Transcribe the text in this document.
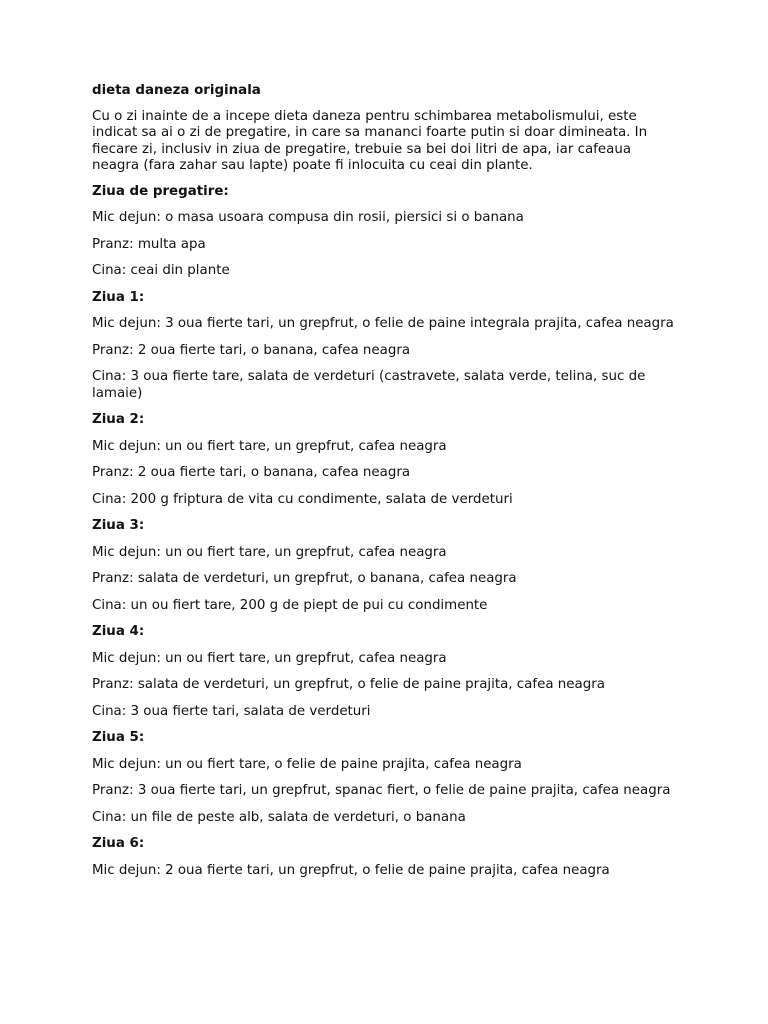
dieta daneza originala
Cu o zi inainte de a incepe dieta daneza pentru schimbarea metabolismului, este indicat sa ai o zi de pregatire, in care sa mananci foarte putin si doar dimineata. In fiecare zi, inclusiv in ziua de pregatire, trebuie sa bei doi litri de apa, iar cafeaua neagra (fara zahar sau lapte) poate fi inlocuita cu ceai din plante.
Ziua de pregatire:
Mic dejun: o masa usoara compusa din rosii, piersici si o banana
Pranz: multa apa
Cina: ceai din plante
Ziua 1:
Mic dejun: 3 oua fierte tari, un grepfrut, o felie de paine integrala prajita, cafea neagra
Pranz: 2 oua fierte tari, o banana, cafea neagra
Cina: 3 oua fierte tare, salata de verdeturi (castravete, salata verde, telina, suc de lamaie)
Ziua 2:
Mic dejun: un ou fiert tare, un grepfrut, cafea neagra
Pranz: 2 oua fierte tari, o banana, cafea neagra
Cina: 200 g friptura de vita cu condimente, salata de verdeturi
Ziua 3:
Mic dejun: un ou fiert tare, un grepfrut, cafea neagra
Pranz: salata de verdeturi, un grepfrut, o banana, cafea neagra
Cina: un ou fiert tare, 200 g de piept de pui cu condimente
Ziua 4:
Mic dejun: un ou fiert tare, un grepfrut, cafea neagra
Pranz: salata de verdeturi, un grepfrut, o felie de paine prajita, cafea neagra
Cina: 3 oua fierte tari, salata de verdeturi
Ziua 5:
Mic dejun: un ou fiert tare, o felie de paine prajita, cafea neagra
Pranz: 3 oua fierte tari, un grepfrut, spanac fiert, o felie de paine prajita, cafea neagra
Cina: un file de peste alb, salata de verdeturi, o banana
Ziua 6:
Mic dejun: 2 oua fierte tari, un grepfrut, o felie de paine prajita, cafea neagra
